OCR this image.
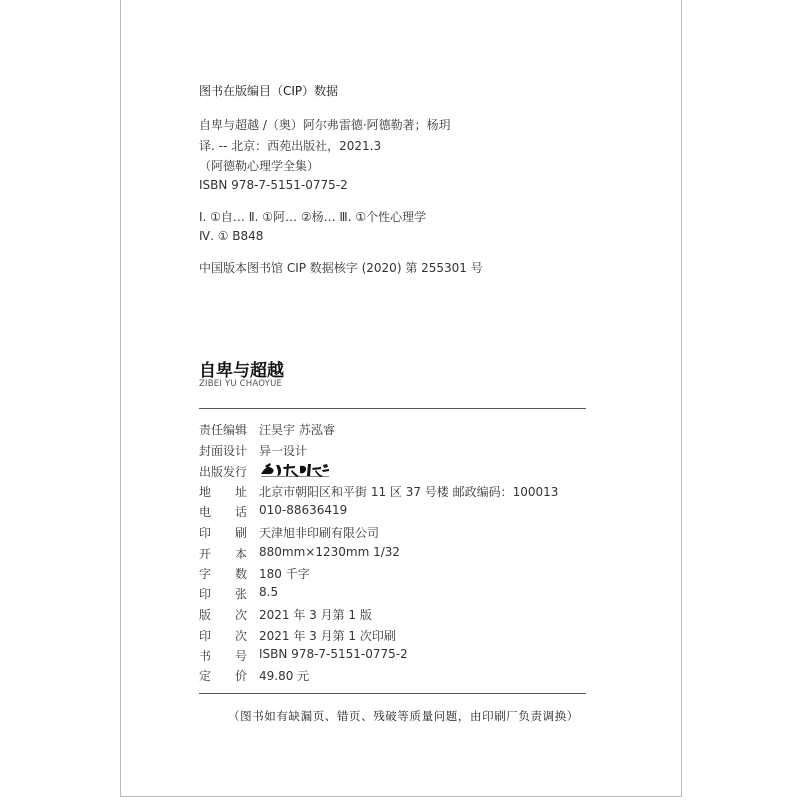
图书在版编目（CIP）数据
自卑与超越 /（奥）阿尔弗雷德·阿德勒著；杨玥
译. -- 北京：西苑出版社，2021.3
（阿德勒心理学全集）
ISBN 978-7-5151-0775-2
Ⅰ. ①自… Ⅱ. ①阿… ②杨… Ⅲ. ①个性心理学
Ⅳ. ① B848
中国版本图书馆 CIP 数据核字 (2020) 第 255301 号
自卑与超越
ZIBEI YU CHAOYUE
责任编辑 汪昊宇 苏泓睿
封面设计 异一设计
出版发行
地 址 北京市朝阳区和平街 11 区 37 号楼 邮政编码：100013
电 话 010-88636419
印 刷 天津旭非印刷有限公司
开 本 880mm×1230mm 1/32
字 数 180 千字
印 张 8.5
版 次 2021 年 3 月第 1 版
印 次 2021 年 3 月第 1 次印刷
书 号 ISBN 978-7-5151-0775-2
定 价 49.80 元
（图书如有缺漏页、错页、残破等质量问题，由印刷厂负责调换）
